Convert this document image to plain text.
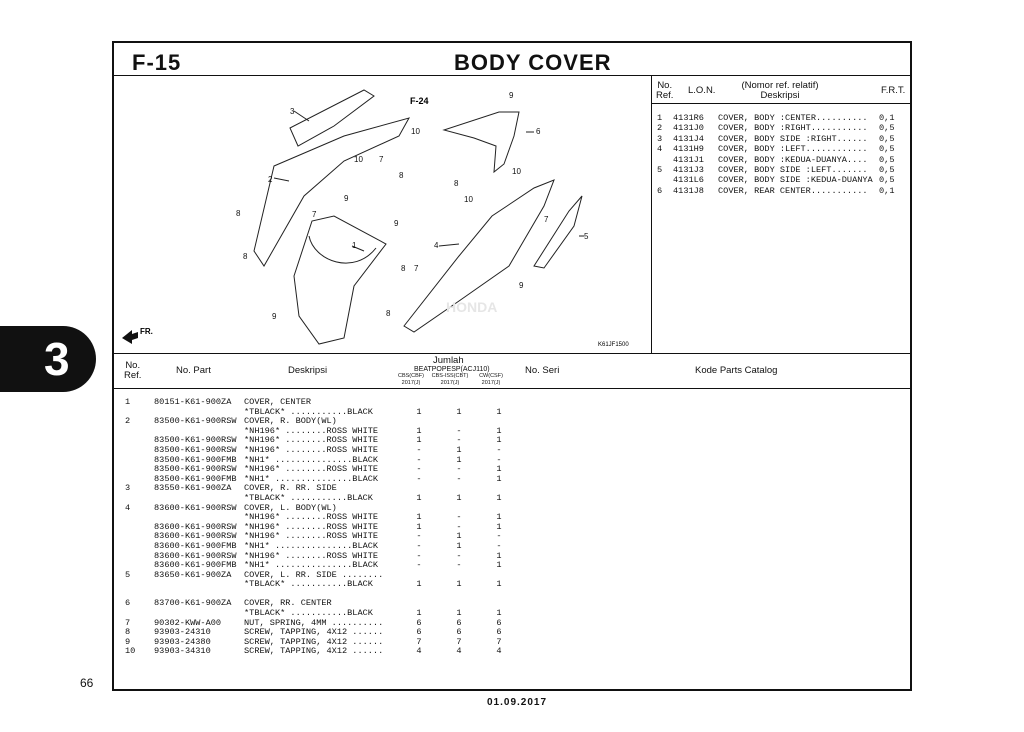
3
66
01.09.2017
F-15	BODY COVER
3
2
1	4
5
6
9
10
10 7
8
9
8	7
9
8
9	8
8 7
8
10
10
7
9
F-24
HONDA
FR.
K61JF1500
No.
Ref. L.O.N.	(Nomor ref. relatif)
Deskripsi	F.R.T.
1	4131R6	COVER, BODY :CENTER..........	0,1
2	4131J0	COVER, BODY :RIGHT...........	0,5
3	4131J4	COVER, BODY SIDE :RIGHT......	0,5
4	4131H9	COVER, BODY :LEFT............	0,5
4131J1	COVER, BODY :KEDUA-DUANYA....	0,5
5	4131J3	COVER, BODY SIDE :LEFT.......	0,5
4131L6	COVER, BODY SIDE :KEDUA-DUANYA 0,5
6	4131J8	COVER, REAR CENTER...........	0,1
No.
Ref.	No. Part	Deskripsi
Jumlah
BEATPOPESP(ACJ110)
CBS(CBF)
2017(J)
CBS-ISS(CBT)
2017(J)
CW(CSF)
2017(J)
No. Seri	Kode Parts Catalog
1	80151-K61-900ZA	COVER, CENTER
*TBLACK* ...........BLACK	1	1	1
2	83500-K61-900RSW COVER, R. BODY(WL)
*NH196* ........ROSS WHITE	1	-	1
83500-K61-900RSW *NH196* ........ROSS WHITE	1	-	1
83500-K61-900RSW *NH196* ........ROSS WHITE	-	1	-
83500-K61-900FMB *NH1* ...............BLACK	-	1	-
83500-K61-900RSW *NH196* ........ROSS WHITE	-	-	1
83500-K61-900FMB *NH1* ...............BLACK	-	-	1
3	83550-K61-900ZA	COVER, R. RR. SIDE
*TBLACK* ...........BLACK	1	1	1
4	83600-K61-900RSW COVER, L. BODY(WL)
*NH196* ........ROSS WHITE	1	-	1
83600-K61-900RSW *NH196* ........ROSS WHITE	1	-	1
83600-K61-900RSW *NH196* ........ROSS WHITE	-	1	-
83600-K61-900FMB *NH1* ...............BLACK	-	1	-
83600-K61-900RSW *NH196* ........ROSS WHITE	-	-	1
83600-K61-900FMB *NH1* ...............BLACK	-	-	1
5	83650-K61-900ZA	COVER, L. RR. SIDE ........
*TBLACK* ...........BLACK	1	1	1
6	83700-K61-900ZA	COVER, RR. CENTER
*TBLACK* ...........BLACK	1	1	1
7	90302-KWW-A00	NUT, SPRING, 4MM ..........	6	6	6
8	93903-24310	SCREW, TAPPING, 4X12 ......	6	6	6
9	93903-24380	SCREW, TAPPING, 4X12 ......	7	7	7
10	93903-34310	SCREW, TAPPING, 4X12 ......	4	4	4
